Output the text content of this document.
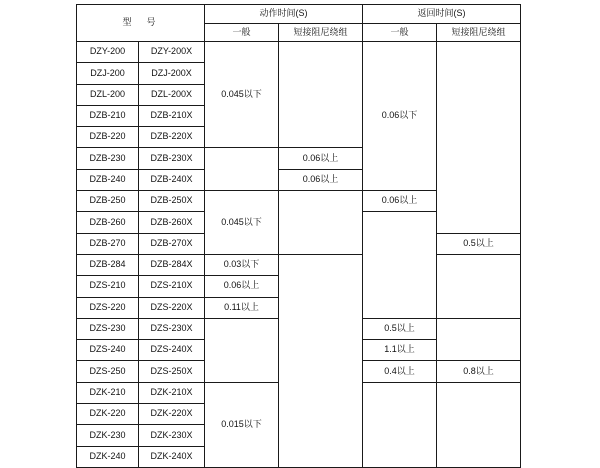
型　号		动作时间(S)		返回时间(S)	
		一般	短接阻尼绕组	一般	短接阻尼绕组
DZY-200	DZY-200X	0.045以下		0.06以下	
DZJ-200	DZJ-200X				
DZL-200	DZL-200X				
DZB-210	DZB-210X				
DZB-220	DZB-220X				
DZB-230	DZB-230X		0.06以上		
DZB-240	DZB-240X		0.06以上		
DZB-250	DZB-250X	0.045以下		0.06以上	
DZB-260	DZB-260X				
DZB-270	DZB-270X				0.5以上
DZB-284	DZB-284X	0.03以下			
DZS-210	DZS-210X	0.06以上			
DZS-220	DZS-220X	0.11以上			
DZS-230	DZS-230X			0.5以上	
DZS-240	DZS-240X			1.1以上	
DZS-250	DZS-250X			0.4以上	0.8以上
DZK-210	DZK-210X	0.015以下			
DZK-220	DZK-220X				
DZK-230	DZK-230X				
DZK-240	DZK-240X				
